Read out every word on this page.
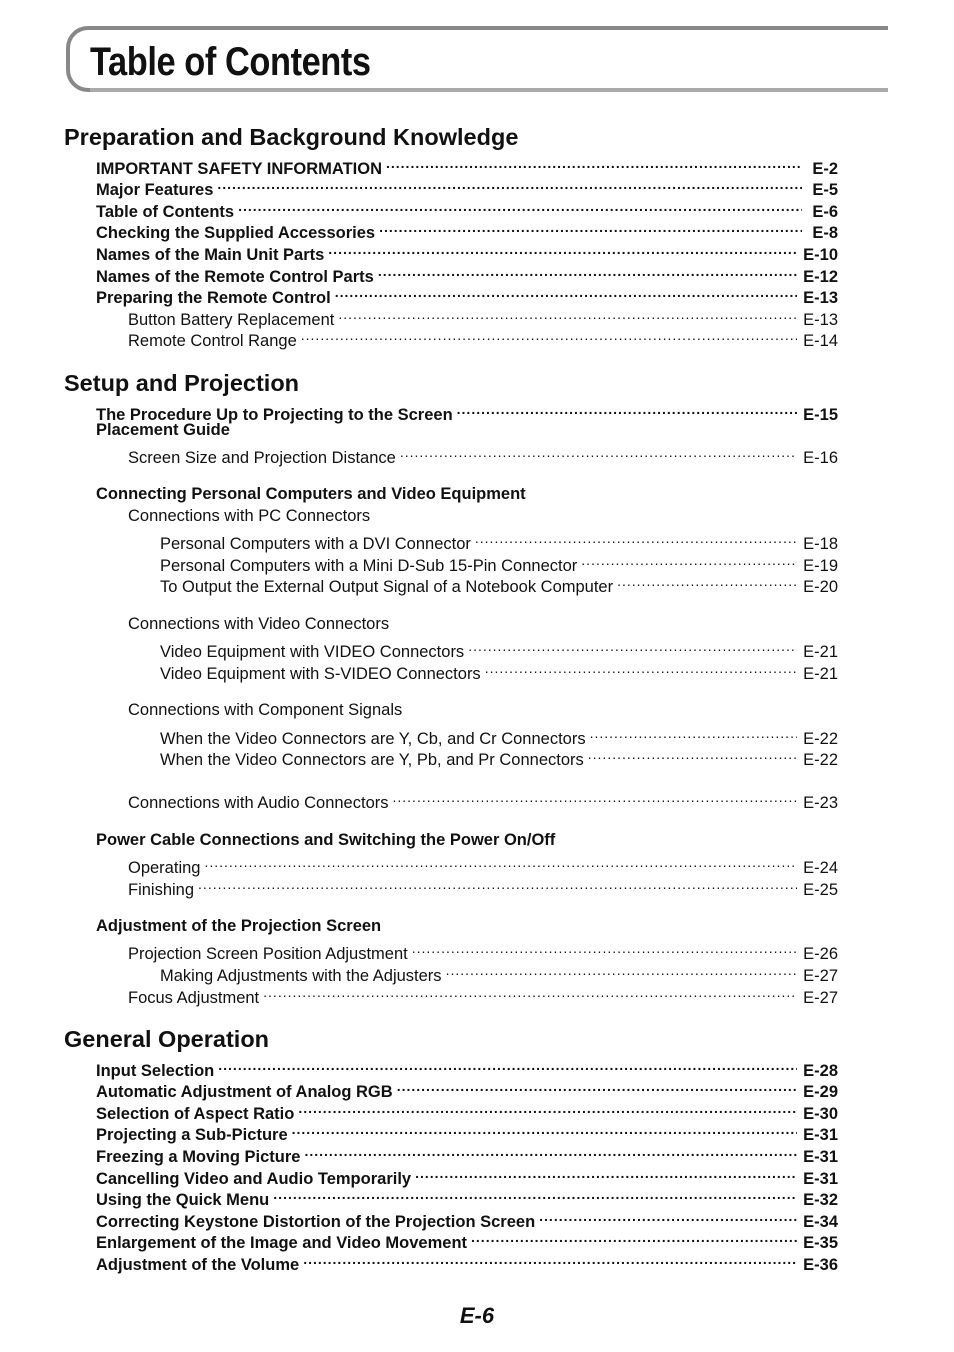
Table of Contents
Preparation and Background Knowledge
IMPORTANT SAFETY INFORMATION .....	E-2
Major Features .....	E-5
Table of Contents .....	E-6
Checking the Supplied Accessories .....	E-8
Names of the Main Unit Parts .....	E-10
Names of the Remote Control Parts .....	E-12
Preparing the Remote Control .....	E-13
Button Battery Replacement .....	E-13
Remote Control Range .....	E-14
Setup and Projection
The Procedure Up to Projecting to the Screen .....	E-15
Placement Guide
Screen Size and Projection Distance .....	E-16
Connecting Personal Computers and Video Equipment
Connections with PC Connectors
Personal Computers with a DVI Connector .....	E-18
Personal Computers with a Mini D-Sub 15-Pin Connector .....	E-19
To Output the External Output Signal of a Notebook Computer .....	E-20
Connections with Video Connectors
Video Equipment with VIDEO Connectors .....	E-21
Video Equipment with S-VIDEO Connectors .....	E-21
Connections with Component Signals
When the Video Connectors are Y, Cb, and Cr Connectors .....	E-22
When the Video Connectors are Y, Pb, and Pr Connectors .....	E-22
Connections with Audio Connectors .....	E-23
Power Cable Connections and Switching the Power On/Off
Operating .....	E-24
Finishing .....	E-25
Adjustment of the Projection Screen
Projection Screen Position Adjustment .....	E-26
Making Adjustments with the Adjusters .....	E-27
Focus Adjustment .....	E-27
General Operation
Input Selection .....	E-28
Automatic Adjustment of Analog RGB .....	E-29
Selection of Aspect Ratio .....	E-30
Projecting a Sub-Picture .....	E-31
Freezing a Moving Picture .....	E-31
Cancelling Video and Audio Temporarily .....	E-31
Using the Quick Menu .....	E-32
Correcting Keystone Distortion of the Projection Screen .....	E-34
Enlargement of the Image and Video Movement .....	E-35
Adjustment of the Volume .....	E-36
E-6
